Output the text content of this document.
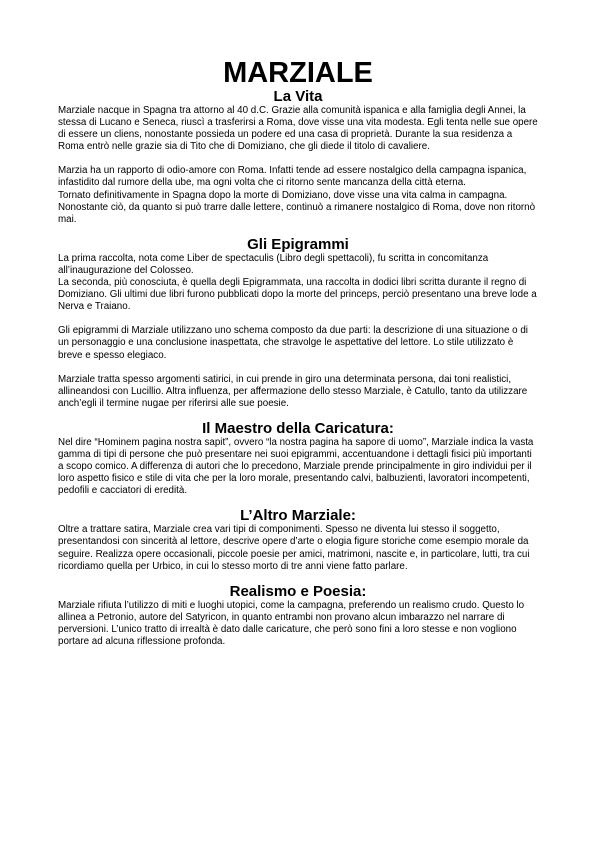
MARZIALE
La Vita

Marziale nacque in Spagna tra attorno al 40 d.C. Grazie alla comunità ispanica e alla famiglia degli Annei, la stessa di Lucano e Seneca, riuscì a trasferirsi a Roma, dove visse una vita modesta. Egli tenta nelle sue opere di essere un cliens, nonostante possieda un podere ed una casa di proprietà. Durante la sua residenza a Roma entrò nelle grazie sia di Tito che di Domiziano, che gli diede il titolo di cavaliere.

Marzia ha un rapporto di odio-amore con Roma. Infatti tende ad essere nostalgico della campagna ispanica, infastidito dal rumore della ube, ma ogni volta che ci ritorno sente mancanza della città eterna.

Tornato definitivamente in Spagna dopo la morte di Domiziano, dove visse una vita calma in campagna. Nonostante ciò, da quanto si può trarre dalle lettere, continuò a rimanere nostalgico di Roma, dove non ritornò mai.

Gli Epigrammi

La prima raccolta, nota come Liber de spectaculis (Libro degli spettacoli), fu scritta in concomitanza all’inaugurazione del Colosseo.

La seconda, più conosciuta, è quella degli Epigrammata, una raccolta in dodici libri scritta durante il regno di Domiziano. Gli ultimi due libri furono pubblicati dopo la morte del princeps, perciò presentano una breve lode a Nerva e Traiano.

Gli epigrammi di Marziale utilizzano uno schema composto da due parti: la descrizione di una situazione o di un personaggio e una conclusione inaspettata, che stravolge le aspettative del lettore. Lo stile utilizzato è breve e spesso elegiaco.

Marziale tratta spesso argomenti satirici, in cui prende in giro una determinata persona, dai toni realistici, allineandosi con Lucillio. Altra influenza, per affermazione dello stesso Marziale, è Catullo, tanto da utilizzare anch’egli il termine nugae per riferirsi alle sue poesie.

Il Maestro della Caricatura:

Nel dire “Hominem pagina nostra sapit”, ovvero “la nostra pagina ha sapore di uomo”, Marziale indica la vasta gamma di tipi di persone che può presentare nei suoi epigrammi, accentuandone i dettagli fisici più importanti a scopo comico. A differenza di autori che lo precedono, Marziale prende principalmente in giro individui per il loro aspetto fisico e stile di vita che per la loro morale, presentando calvi, balbuzienti, lavoratori incompetenti, pedofili e cacciatori di eredità.

L’Altro Marziale:

Oltre a trattare satira, Marziale crea vari tipi di componimenti. Spesso ne diventa lui stesso il soggetto, presentandosi con sincerità al lettore, descrive opere d’arte o elogia figure storiche come esempio morale da seguire. Realizza opere occasionali, piccole poesie per amici, matrimoni, nascite e, in particolare, lutti, tra cui ricordiamo quella per Urbico, in cui lo stesso morto di tre anni viene fatto parlare.

Realismo e Poesia:

Marziale rifiuta l’utilizzo di miti e luoghi utopici, come la campagna, preferendo un realismo crudo. Questo lo allinea a Petronio, autore del Satyricon, in quanto entrambi non provano alcun imbarazzo nel narrare di perversioni. L’unico tratto di irrealtà è dato dalle caricature, che però sono fini a loro stesse e non vogliono portare ad alcuna riflessione profonda.
